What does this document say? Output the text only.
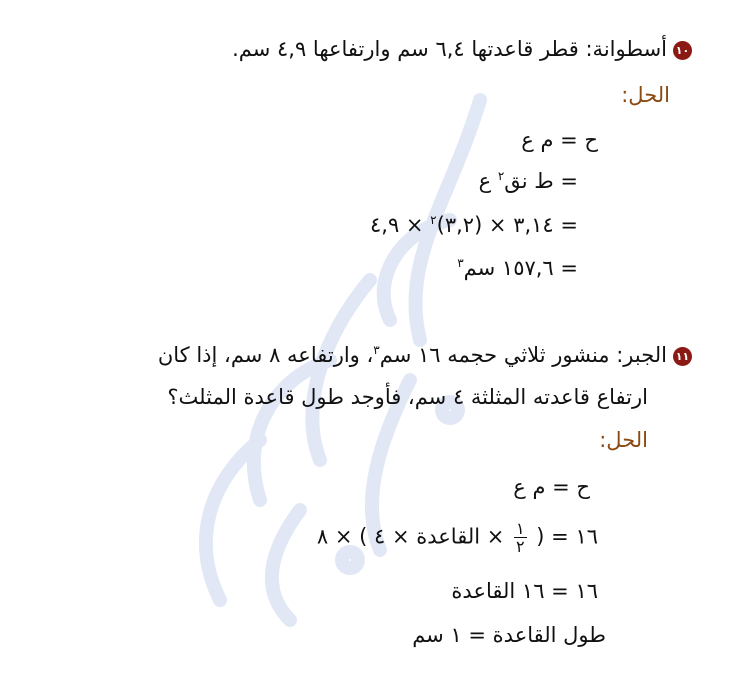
١٠أسطوانة: قطر قاعدتها ٦,٤ سم وارتفاعها ٤,٩ سم.
الحل:
ح = م ع
= ط نق$^٢$ ع
= ٣,١٤ × (٣,٢)$^٢$ × ٤,٩
= ١٥٧,٦ سم$^٣$
١١الجبر: منشور ثلاثي حجمه ١٦ سم$^٣$، وارتفاعه ٨ سم، إذا كان
ارتفاع قاعدته المثلثة ٤ سم، فأوجد طول قاعدة المثلث؟
الحل:
ح = م ع
١٦ = (
$\frac{١}{٢}$
× القاعدة × ٤ ) × ٨
١٦ = ١٦ القاعدة
طول القاعدة = ١ سم
